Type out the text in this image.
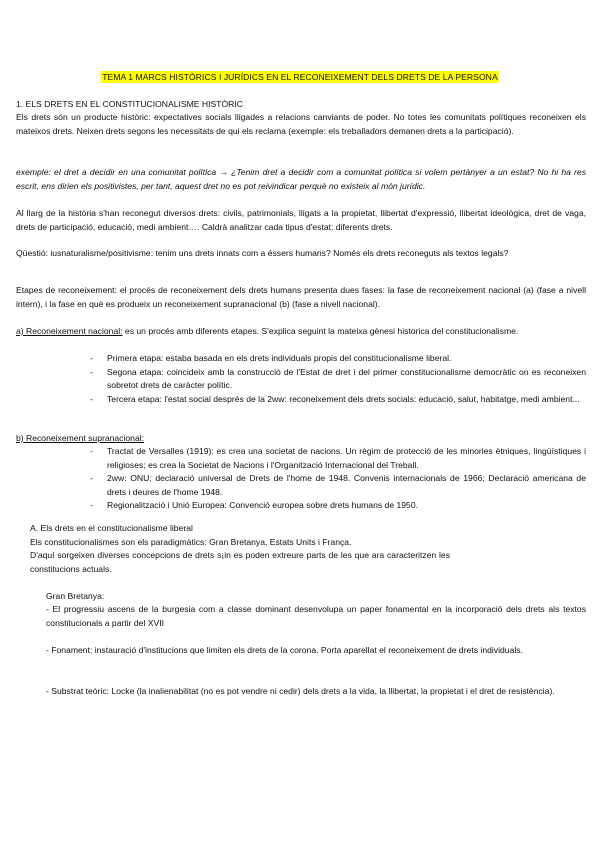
TEMA 1 MARCS HISTÒRICS I JURÍDICS EN EL RECONEIXEMENT DELS DRETS DE LA PERSONA
1. ELS DRETS EN EL CONSTITUCIONALISME HISTÒRIC
Els drets són un producte històric: expectatives socials lligades a relacions canviants de poder. No totes les comunitats polítiques reconeixen els mateixos drets. Neixen drets segons les necessitats de qui els reclama (exemple: els treballadors demanen drets a la participació).
exemple: el dret a decidir en una comunitat política → ¿Tenim dret a decidir com a comunitat política si volem pertànyer a un estat? No hi ha res escrit, ens dirien els positivistes, per tant, aquest dret no es pot reivindicar perquè no existeix al món jurídic.
Al llarg de la història s'han reconegut diversos drets: civils, patrimonials, lligats a la propietat, llibertat d'expressió, llibertat ideològica, dret de vaga, drets de participació, educació, medi ambient…. Caldrà analitzar cada tipus d'estat: diferents drets.
Qüestió: iusnaturalisme/positivisme: tenim uns drets innats com a éssers humans? Només els drets reconeguts als textos legals?
Etapes de reconeixement: el procés de reconeixement dels drets humans presenta dues fases: la fase de reconeixement nacional (a) (fase a nivell intern), i la fase en què es produeix un reconeixement supranacional (b) (fase a nivell nacional).
a) Reconeixement nacional: es un procés amb diferents etapes. S'explica seguint la mateixa gènesi historica del constitucionalisme.
- Primera etapa: estaba basada en els drets individuals propis del constitucionalisme liberal.
- Segona etapa: coincideix amb la construcció de l'Estat de dret i del primer constitucionalisme democràtic on es reconeixen sobretot drets de caràcter polític.
- Tercera etapa: l'estat social després de la 2ww: reconeixement dels drets socials: educació, salut, habitatge, medi ambient...
b) Reconeixement supranacional:
- Tractat de Versalles (1919): es crea una societat de nacions. Un règim de protecció de les minories ètniques, lingüístiques i religioses; es crea la Societat de Nacions i l'Organització Internacional del Treball.
- 2ww: ONU: declaració universal de Drets de l'home de 1948. Convenis internacionals de 1966; Declaració americana de drets i deures de l'home 1948.
- Regionalització i Unió Europea: Convenció europea sobre drets humans de 1950.
A. Els drets en el constitucionalisme liberal
Els constitucionalismes son els paradigmàtics: Gran Bretanya, Estats Units i França.
D'aquí sorgeixen diverses concepcions de drets s¡in es poden extreure parts de les que ara caracteritzen les constitucions actuals.
Gran Bretanya:
- El progressiu ascens de la burgesia com a classe dominant desenvolupa un paper fonamental en la incorporació dels drets als textos constitucionals a partir del XVII
- Fonament: instauració d'institucions que limiten els drets de la corona. Porta aparellat el reconeixement de drets individuals.
- Substrat teòric: Locke (la inalienabilitat (no es pot vendre ni cedir) dels drets a la vida, la llibertat, la propietat i el dret de resistència).
